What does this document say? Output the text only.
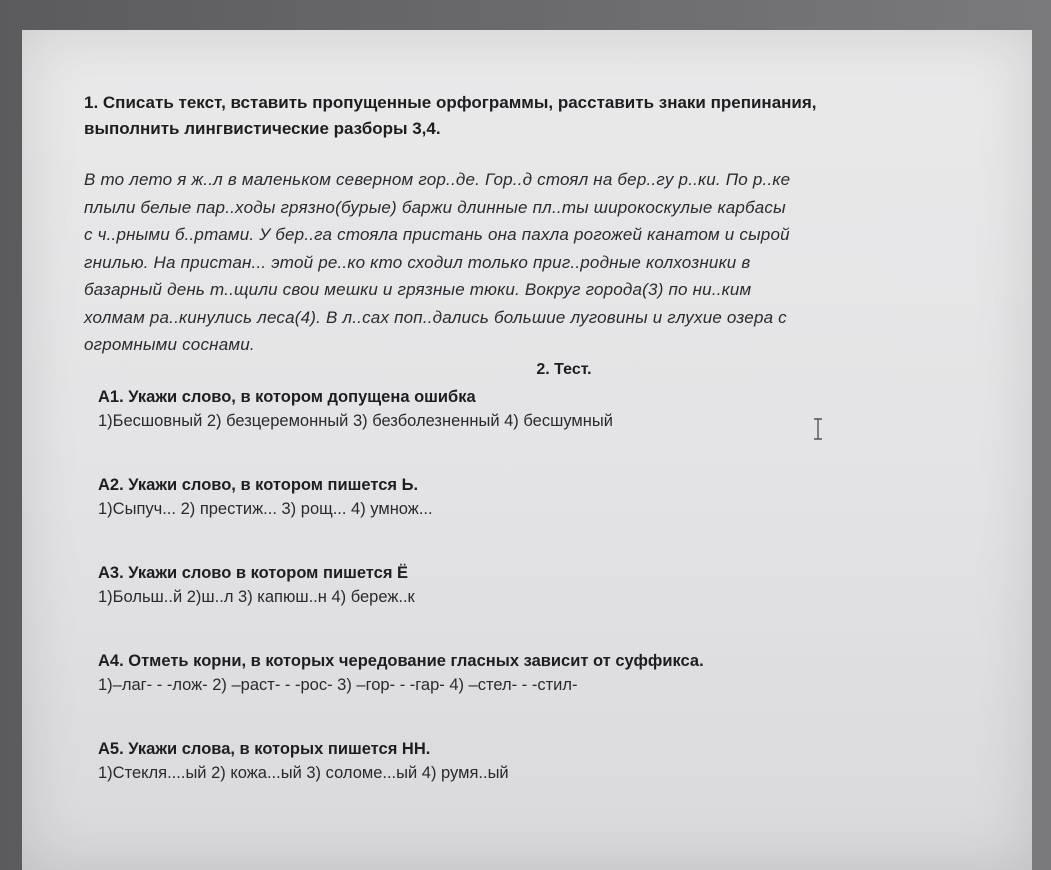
1. Списать текст, вставить пропущенные орфограммы, расставить знаки препинания,

выполнить лингвистические разборы 3,4.

В то лето я ж..л в маленьком северном гор..де. Гор..д стоял на бер..гу р..ки. По р..ке

плыли белые пар..ходы грязно(бурые) баржи длинные пл..ты широкоскулые карбасы

с ч..рными б..ртами. У бер..га стояла пристань она пахла рогожей канатом и сырой

гнилью. На пристан... этой ре..ко кто сходил только приг..родные колхозники в

базарный день т..щили свои мешки и грязные тюки. Вокруг города(3) по ни..ким

холмам ра..кинулись леса(4). В л..сах поп..дались большие луговины и глухие озера с

огромными соснами.

2. Тест.

А1. Укажи слово, в котором допущена ошибка

1)Бесшовный 2) безцеремонный 3) безболезненный 4) бесшумный

А2. Укажи слово, в котором пишется Ь.

1)Сыпуч... 2) престиж... 3) рощ... 4) умнож...

А3. Укажи слово в котором пишется Ё

1)Больш..й 2)ш..л 3) капюш..н 4) береж..к

А4. Отметь корни, в которых чередование гласных зависит от суффикса.

1)–лаг- - -лож- 2) –раст- - -рос- 3) –гор- - -гар- 4) –стел- - -стил-

А5. Укажи слова, в которых пишется НН.

1)Стекля....ый 2) кожа...ый 3) соломе...ый 4) румя..ый
